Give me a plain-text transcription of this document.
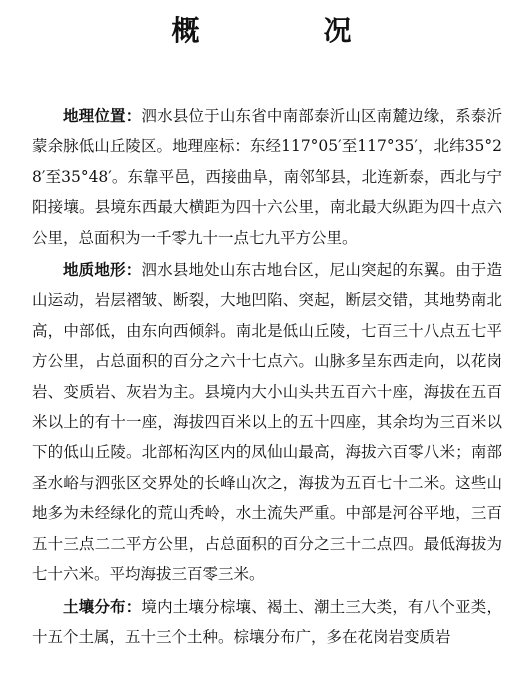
概　况

地理位置：泗水县位于山东省中南部泰沂山区南麓边缘，系泰沂蒙余脉低山丘陵区。地理座标：东经117°05′至117°35′，北纬35°28′至35°48′。东靠平邑，西接曲阜，南邻邹县，北连新泰，西北与宁阳接壤。县境东西最大横距为四十六公里，南北最大纵距为四十点六公里，总面积为一千零九十一点七九平方公里。

地质地形：泗水县地处山东古地台区，尼山突起的东翼。由于造山运动，岩层褶皱、断裂，大地凹陷、突起，断层交错，其地势南北高，中部低，由东向西倾斜。南北是低山丘陵，七百三十八点五七平方公里，占总面积的百分之六十七点六。山脉多呈东西走向，以花岗岩、变质岩、灰岩为主。县境内大小山头共五百六十座，海拔在五百米以上的有十一座，海拔四百米以上的五十四座，其余均为三百米以下的低山丘陵。北部柘沟区内的凤仙山最高，海拔六百零八米；南部圣水峪与泗张区交界处的长峰山次之，海拔为五百七十二米。这些山地多为未经绿化的荒山秃岭，水土流失严重。中部是河谷平地，三百五十三点二二平方公里，占总面积的百分之三十二点四。最低海拔为七十六米。平均海拔三百零三米。

土壤分布：境内土壤分棕壤、褐土、潮土三大类，有八个亚类，十五个土属，五十三个土种。棕壤分布广，多在花岗岩变质岩
